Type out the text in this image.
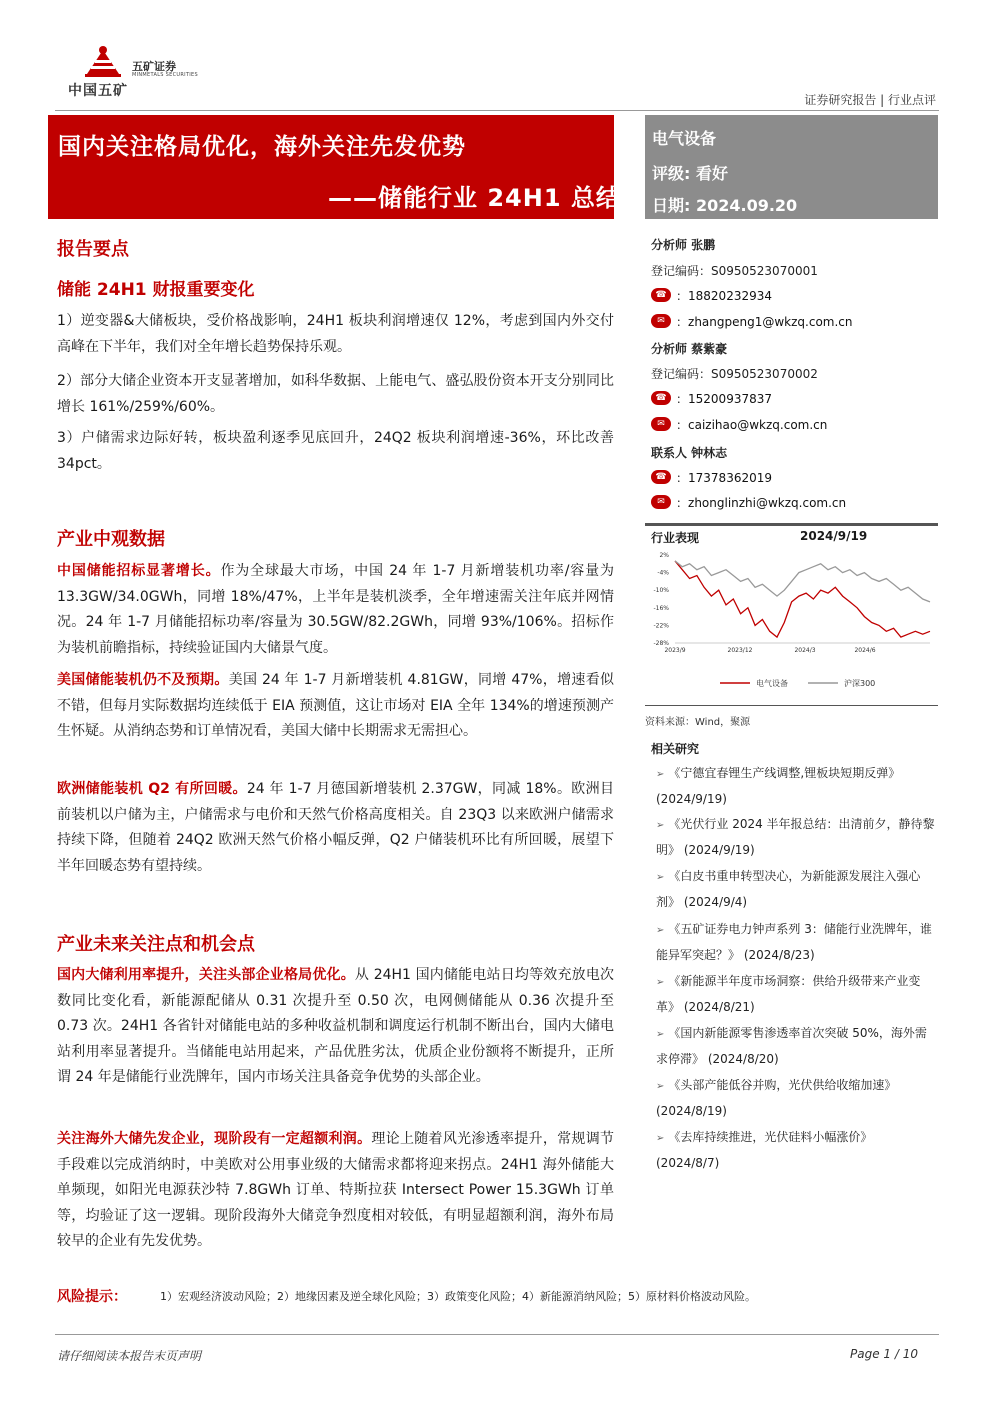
中国五矿
五矿证券
MINMETALS SECURITIES
证券研究报告 | 行业点评
国内关注格局优化，海外关注先发优势
——储能行业 24H1 总结
电气设备
评级: 看好
日期: 2024.09.20
报告要点
储能 24H1 财报重要变化
1）逆变器&大储板块，受价格战影响，24H1 板块利润增速仅 12%，考虑到国内外交付高峰在下半年，我们对全年增长趋势保持乐观。
2）部分大储企业资本开支显著增加，如科华数据、上能电气、盛弘股份资本开支分别同比增长 161%/259%/60%。
3）户储需求边际好转，板块盈利逐季见底回升，24Q2 板块利润增速-36%，环比改善 34pct。
产业中观数据
中国储能招标显著增长。作为全球最大市场，中国 24 年 1-7 月新增装机功率/容量为 13.3GW/34.0GWh，同增 18%/47%，上半年是装机淡季，全年增速需关注年底并网情况。24 年 1-7 月储能招标功率/容量为 30.5GW/82.2GWh，同增 93%/106%。招标作为装机前瞻指标，持续验证国内大储景气度。
美国储能装机仍不及预期。美国 24 年 1-7 月新增装机 4.81GW，同增 47%，增速看似不错，但每月实际数据均连续低于 EIA 预测值，这让市场对 EIA 全年 134%的增速预测产生怀疑。从消纳态势和订单情况看，美国大储中长期需求无需担心。
欧洲储能装机 Q2 有所回暖。24 年 1-7 月德国新增装机 2.37GW，同减 18%。欧洲目前装机以户储为主，户储需求与电价和天然气价格高度相关。自 23Q3 以来欧洲户储需求持续下降，但随着 24Q2 欧洲天然气价格小幅反弹，Q2 户储装机环比有所回暖，展望下半年回暖态势有望持续。
产业未来关注点和机会点
国内大储利用率提升，关注头部企业格局优化。从 24H1 国内储能电站日均等效充放电次数同比变化看，新能源配储从 0.31 次提升至 0.50 次，电网侧储能从 0.36 次提升至 0.73 次。24H1 各省针对储能电站的多种收益机制和调度运行机制不断出台，国内大储电站利用率显著提升。当储能电站用起来，产品优胜劣汰，优质企业份额将不断提升，正所谓 24 年是储能行业洗牌年，国内市场关注具备竞争优势的头部企业。
关注海外大储先发企业，现阶段有一定超额利润。理论上随着风光渗透率提升，常规调节手段难以完成消纳时，中美欧对公用事业级的大储需求都将迎来拐点。24H1 海外储能大单频现，如阳光电源获沙特 7.8GWh 订单、特斯拉获 Intersect Power 15.3GWh 订单等，均验证了这一逻辑。现阶段海外大储竞争烈度相对较低，有明显超额利润，海外布局较早的企业有先发优势。
分析师 张鹏
登记编码：S0950523070001
☎ ：18820232934
✉ ：zhangpeng1@wkzq.com.cn
分析师 蔡紫豪
登记编码：S0950523070002
☎ ：15200937837
✉ ：caizihao@wkzq.com.cn
联系人 钟林志
☎ ：17378362019
✉ ：zhonglinzhi@wkzq.com.cn
行业表现	2024/9/19
2%
-4%
-10%
-16%
-22%
-28%
2023/9	2023/12	2024/3	2024/6
电气设备	沪深300
资料来源：Wind，聚源
相关研究
➢ 《宁德宜春锂生产线调整,锂板块短期反弹》(2024/9/19)
➢ 《光伏行业 2024 半年报总结：出清前夕，静待黎明》 (2024/9/19)
➢ 《白皮书重申转型决心，为新能源发展注入强心剂》 (2024/9/4)
➢ 《五矿证券电力钟声系列 3：储能行业洗牌年，谁能异军突起？》 (2024/8/23)
➢ 《新能源半年度市场洞察：供给升级带来产业变革》 (2024/8/21)
➢ 《国内新能源零售渗透率首次突破 50%，海外需求停滞》 (2024/8/20)
➢ 《头部产能低谷并购，光伏供给收缩加速》 (2024/8/19)
➢ 《去库持续推进，光伏硅料小幅涨价》 (2024/8/7)
风险提示：	1）宏观经济波动风险；2）地缘因素及逆全球化风险；3）政策变化风险；4）新能源消纳风险；5）原材料价格波动风险。
请仔细阅读本报告末页声明	Page 1 / 10
